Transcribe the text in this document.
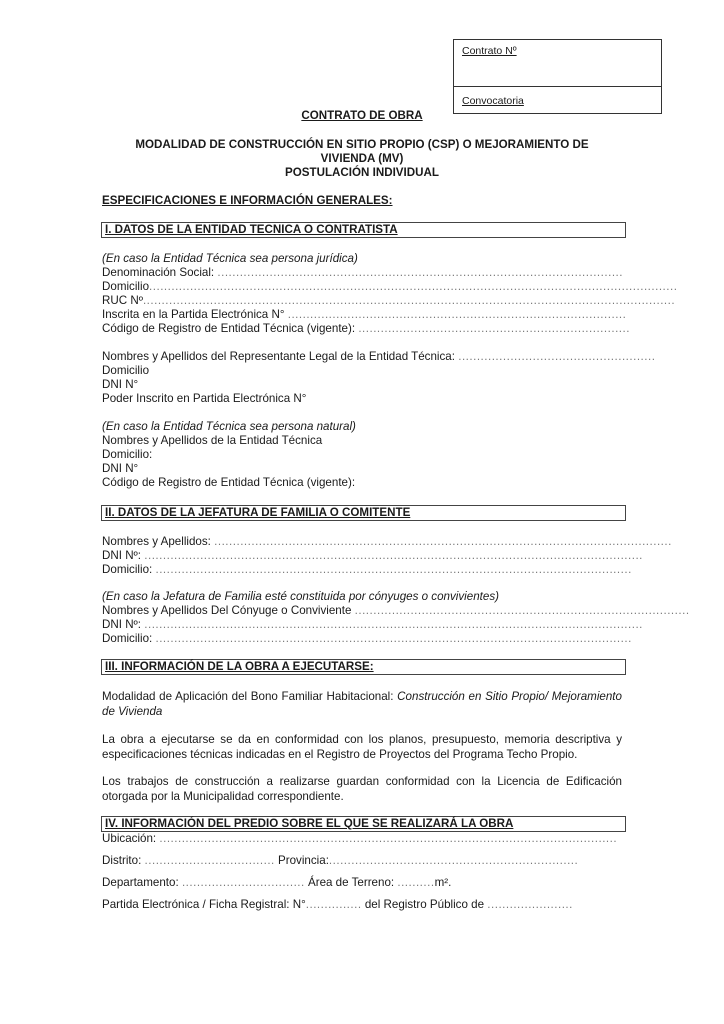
Contrato Nº
Convocatoria
CONTRATO DE OBRA
MODALIDAD DE CONSTRUCCIÓN EN SITIO PROPIO (CSP) O MEJORAMIENTO DE
VIVIENDA (MV)
POSTULACIÓN INDIVIDUAL
ESPECIFICACIONES E INFORMACIÓN GENERALES:
I. DATOS DE LA ENTIDAD TECNICA O CONTRATISTA
(En caso la Entidad Técnica sea persona jurídica)
Denominación Social: .............................................................................................................
Domicilio..............................................................................................................................................
RUC Nº...............................................................................................................................................
Inscrita en la Partida Electrónica N° ...........................................................................................
Código de Registro de Entidad Técnica (vigente): .........................................................................
Nombres y Apellidos del Representante Legal de la Entidad Técnica: .....................................................
Domicilio
DNI N°
Poder Inscrito en Partida Electrónica N°
(En caso la Entidad Técnica sea persona natural)
Nombres y Apellidos de la Entidad Técnica
Domicilio:
DNI N°
Código de Registro de Entidad Técnica (vigente):
II. DATOS DE LA JEFATURA DE FAMILIA O COMITENTE
Nombres y Apellidos: ...........................................................................................................................
DNI Nº: ......................................................................................................................................
Domicilio: ................................................................................................................................
(En caso la Jefatura de Familia esté constituida por cónyuges o convivientes)
Nombres y Apellidos Del Cónyuge o Conviviente ..........................................................................................
DNI Nº: ......................................................................................................................................
Domicilio: ................................................................................................................................
III. INFORMACIÓN DE LA OBRA A EJECUTARSE:
Modalidad de Aplicación del Bono Familiar Habitacional: Construcción en Sitio Propio/ Mejoramiento de Vivienda
La obra a ejecutarse se da en conformidad con los planos, presupuesto, memoria descriptiva y especificaciones técnicas indicadas en el Registro de Proyectos del Programa Techo Propio.
Los trabajos de construcción a realizarse guardan conformidad con la Licencia de Edificación otorgada por la Municipalidad correspondiente.
IV. INFORMACIÓN DEL PREDIO SOBRE EL QUE SE REALIZARÁ LA OBRA
Ubicación: ...........................................................................................................................
Distrito: ................................... Provincia:...................................................................
Departamento: ................................. Área de Terreno: ..........m².
Partida Electrónica / Ficha Registral: N°............... del Registro Público de .......................
